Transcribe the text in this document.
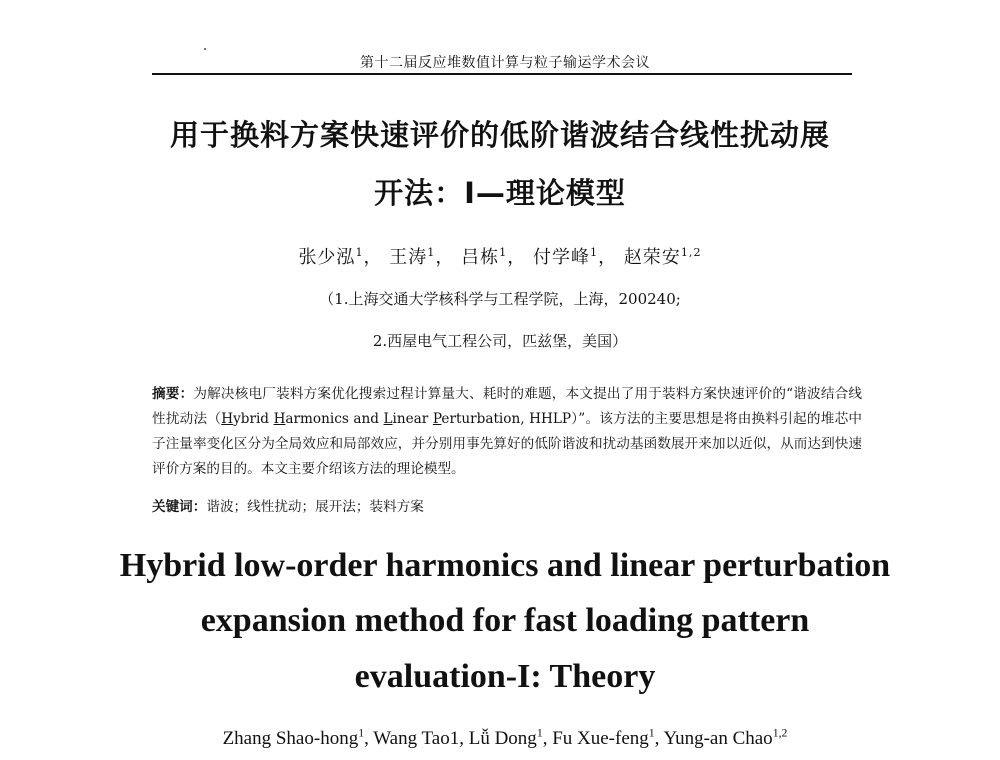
第十二届反应堆数值计算与粒子输运学术会议
用于换料方案快速评价的低阶谐波结合线性扰动展
开法：I—理论模型
张少泓$^1$， 王涛$^1$， 吕栋$^1$， 付学峰$^1$， 赵荣安$^{1,2}$
（1.上海交通大学核科学与工程学院，上海，200240;
2.西屋电气工程公司，匹兹堡，美国）
摘要：为解决核电厂装料方案优化搜索过程计算量大、耗时的难题，本文提出了用于装料方案快速评价的“谐波结合线性扰动法（Hybrid Harmonics and Linear Perturbation, HHLP）”。该方法的主要思想是将由换料引起的堆芯中子注量率变化区分为全局效应和局部效应，并分别用事先算好的低阶谐波和扰动基函数展开来加以近似，从而达到快速评价方案的目的。本文主要介绍该方法的理论模型。
关键词：谐波；线性扰动；展开法；装料方案
Hybrid low-order harmonics and linear perturbation
expansion method for fast loading pattern
evaluation-I: Theory
Zhang Shao-hong$^1$, Wang Tao1, Lǚ Dong$^1$, Fu Xue-feng$^1$, Yung-an Chao$^{1,2}$
